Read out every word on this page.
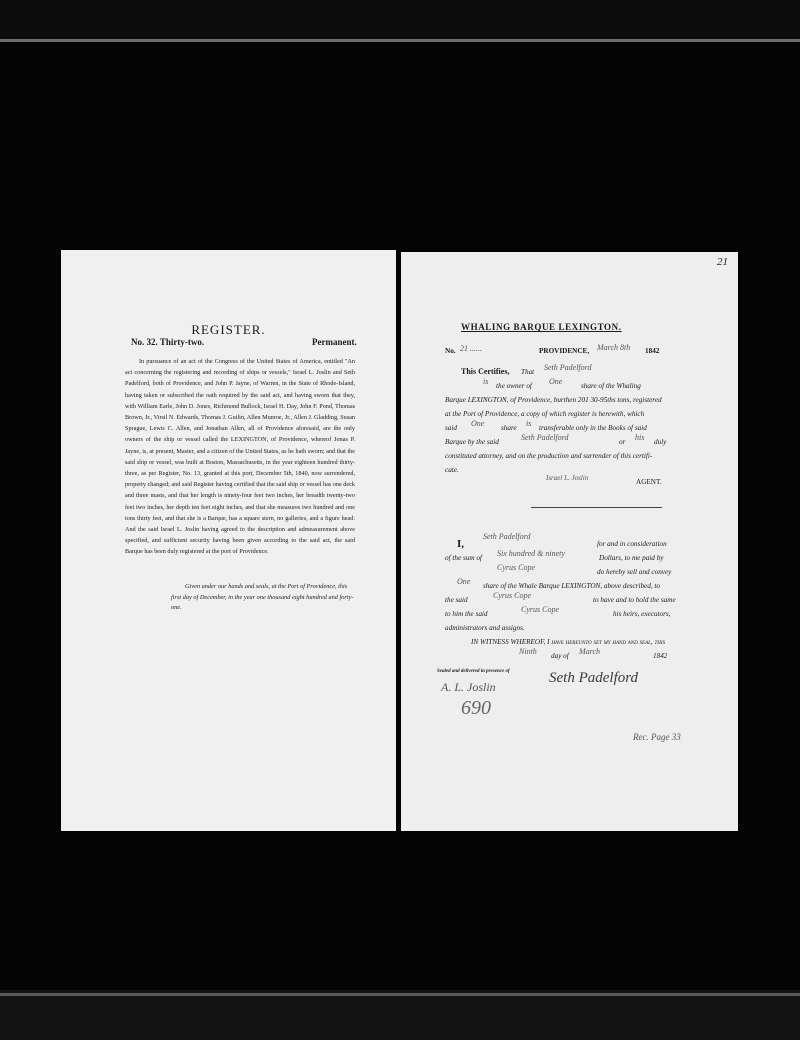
REGISTER.
No. 32. Thirty-two.	Permanent.
In pursuance of an act of the Congress of the United States of America, entitled "An act concerning the registering and recording of ships or vessels," Israel L. Joslin and Seth Padelford, both of Providence, and John P. Jayne, of Warren, in the State of Rhode-Island, having taken or subscribed the oath required by the said act, and having sworn that they, with William Earle, John D. Jones, Richmond Bullock, Israel H. Day, John F. Pond, Thomas Brown, Jr., Virsil N. Edwards, Thomas J. Guilin, Allen Munroe, Jr., Allen J. Gladding, Susan Sprague, Lewis C. Allen, and Jonathan Allen, all of Providence aforesaid, are the only owners of the ship or vessel called the LEXINGTON, of Providence, whereof Jonas P. Jayne, is, at present, Master, and a citizen of the United States, as he hath sworn; and that the said ship or vessel, was built at Boston, Massachusetts, in the year eighteen hundred thirty-three, as per Register, No. 13, granted at this port, December 5th, 1840, now surrendered, property changed; and said Register having certified that the said ship or vessel has one deck and three masts, and that her length is ninety-four feet two inches, her breadth twenty-two feet two inches, her depth ten feet eight inches, and that she measures two hundred and one tons thirty feet, and that she is a Barque, has a square stern, no galleries, and a figure head: And the said Israel L. Joslin having agreed to the description and admeasurement above specified, and sufficient security having been given according to the said act, the said Barque has been duly registered at the port of Providence.
Given under our hands and seals, at the Port of Providence, this first day of December, in the year one thousand eight hundred and forty-one.
21
WHALING BARQUE LEXINGTON.
No. 21 ......	PROVIDENCE, March 8th 1842
This Certifies, That Seth Padelford
is the owner of One	share of the Whaling
Barque LEXINGTON, of Providence, burthen 201 30-95ths tons, registered
at the Port of Providence, a copy of which register is herewith, which
said One share is transferable only in the Books of said
Barque by the said	Seth Padelford	or his duly
constituted attorney, and on the production and surrender of this certifi-
cate.
Israel L. Joslin	AGENT.
I,
Seth Padelford
for and in consideration
of the sum of Six hundred & ninety	Dollars, to me paid by
Cyrus Cope	do hereby sell and convey
One share of the Whale Barque LEXINGTON, above described, to
the said	Cyrus Cope	to have and to hold the same
to him the said	Cyrus Cope	his heirs, executors,
administrators and assigns.
IN WITNESS WHEREOF, I have hereunto set my hand and seal, this
Ninth day of March	1842
Sealed and delivered in presence of
A. L. Joslin
Seth Padelford
690
Rec. Page 33
